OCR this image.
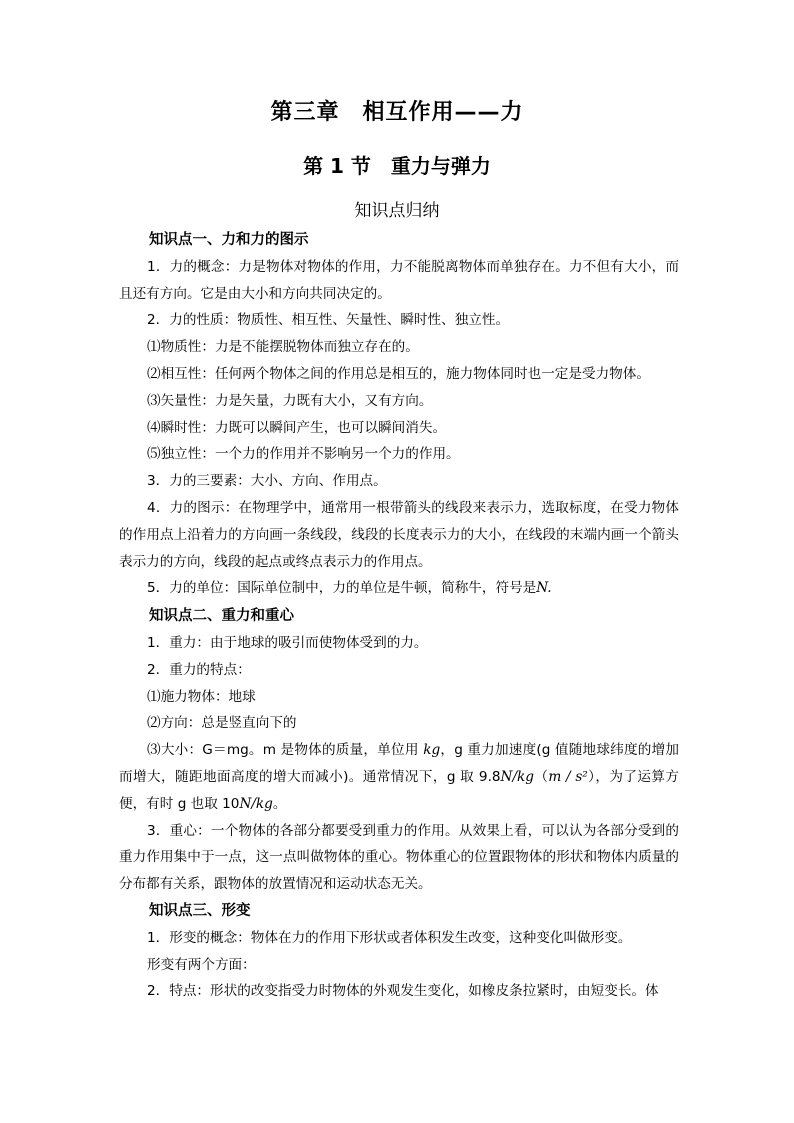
第三章　相互作用——力
第 1 节　重力与弹力
知识点归纳

知识点一、力和力的图示

1．力的概念：力是物体对物体的作用，力不能脱离物体而单独存在。力不但有大小，而且还有方向。它是由大小和方向共同决定的。

2．力的性质：物质性、相互性、矢量性、瞬时性、独立性。

⑴物质性：力是不能摆脱物体而独立存在的。

⑵相互性：任何两个物体之间的作用总是相互的，施力物体同时也一定是受力物体。

⑶矢量性：力是矢量，力既有大小，又有方向。

⑷瞬时性：力既可以瞬间产生，也可以瞬间消失。

⑸独立性：一个力的作用并不影响另一个力的作用。

3．力的三要素：大小、方向、作用点。

4．力的图示：在物理学中，通常用一根带箭头的线段来表示力，选取标度，在受力物体的作用点上沿着力的方向画一条线段，线段的长度表示力的大小，在线段的末端内画一个箭头表示力的方向，线段的起点或终点表示力的作用点。

5．力的单位：国际单位制中，力的单位是牛顿，简称牛，符号是N.

知识点二、重力和重心

1．重力：由于地球的吸引而使物体受到的力。

2．重力的特点：

⑴施力物体：地球

⑵方向：总是竖直向下的

⑶大小：G＝mg。m 是物体的质量，单位用 kg，g 重力加速度(g 值随地球纬度的增加而增大，随距地面高度的增大而减小)。通常情况下，g 取 9.8N/kg（m / s²），为了运算方便，有时 g 也取 10N/kg。

3．重心：一个物体的各部分都要受到重力的作用。从效果上看，可以认为各部分受到的重力作用集中于一点，这一点叫做物体的重心。物体重心的位置跟物体的形状和物体内质量的分布都有关系，跟物体的放置情况和运动状态无关。

知识点三、形变

1．形变的概念：物体在力的作用下形状或者体积发生改变，这种变化叫做形变。

形变有两个方面：

2．特点：形状的改变指受力时物体的外观发生变化，如橡皮条拉紧时，由短变长。体
